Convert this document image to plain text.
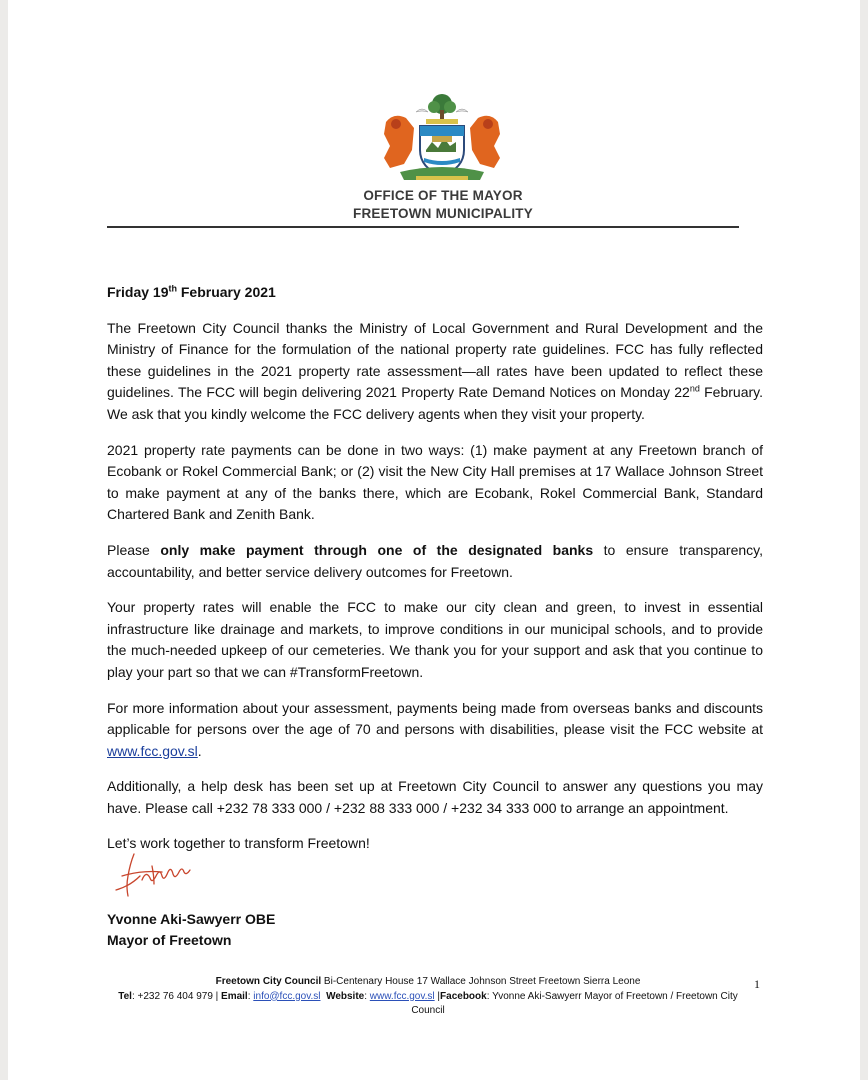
OFFICE OF THE MAYOR
FREETOWN MUNICIPALITY

Friday 19th February 2021

The Freetown City Council thanks the Ministry of Local Government and Rural Development and the Ministry of Finance for the formulation of the national property rate guidelines. FCC has fully reflected these guidelines in the 2021 property rate assessment—all rates have been updated to reflect these guidelines. The FCC will begin delivering 2021 Property Rate Demand Notices on Monday 22nd February. We ask that you kindly welcome the FCC delivery agents when they visit your property.

2021 property rate payments can be done in two ways: (1) make payment at any Freetown branch of Ecobank or Rokel Commercial Bank; or (2) visit the New City Hall premises at 17 Wallace Johnson Street to make payment at any of the banks there, which are Ecobank, Rokel Commercial Bank, Standard Chartered Bank and Zenith Bank.

Please only make payment through one of the designated banks to ensure transparency, accountability, and better service delivery outcomes for Freetown.

Your property rates will enable the FCC to make our city clean and green, to invest in essential infrastructure like drainage and markets, to improve conditions in our municipal schools, and to provide the much-needed upkeep of our cemeteries. We thank you for your support and ask that you continue to play your part so that we can #TransformFreetown.

For more information about your assessment, payments being made from overseas banks and discounts applicable for persons over the age of 70 and persons with disabilities, please visit the FCC website at www.fcc.gov.sl.

Additionally, a help desk has been set up at Freetown City Council to answer any questions you may have. Please call +232 78 333 000 / +232 88 333 000 / +232 34 333 000 to arrange an appointment.

Let’s work together to transform Freetown!

Yvonne Aki-Sawyerr OBE
Mayor of Freetown
Freetown City Council Bi-Centenary House 17 Wallace Johnson Street Freetown Sierra Leone
Tel: +232 76 404 979 | Email: info@fcc.gov.sl Website: www.fcc.gov.sl |Facebook: Yvonne Aki-Sawyerr Mayor of Freetown / Freetown City Council
1
